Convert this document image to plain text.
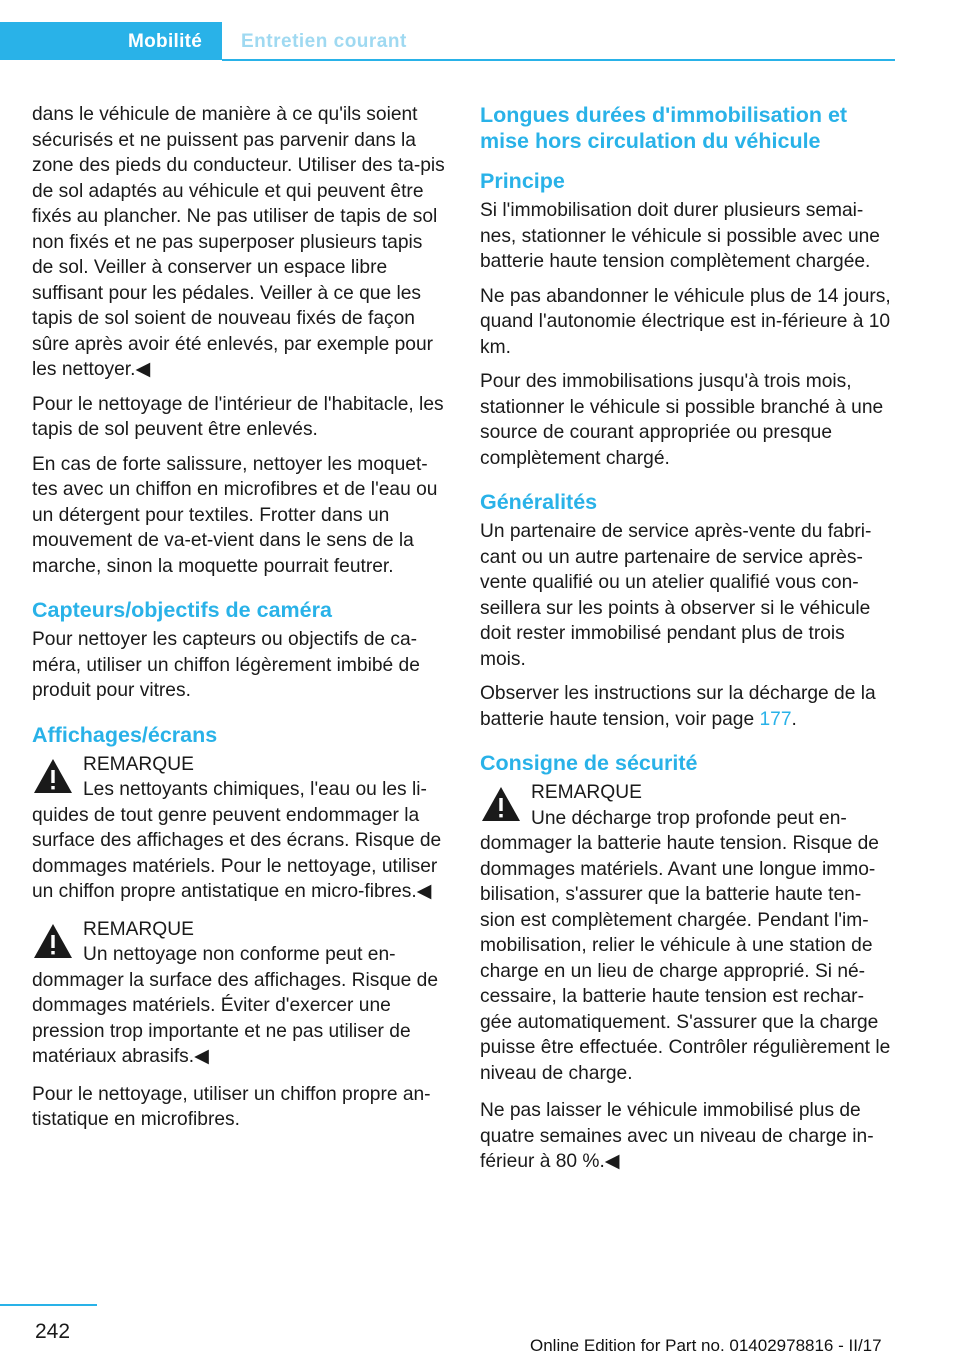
Mobilité Entretien courant

dans le véhicule de manière à ce qu'ils soient sécurisés et ne puissent pas parvenir dans la zone des pieds du conducteur. Utiliser des ta-pis de sol adaptés au véhicule et qui peuvent être fixés au plancher. Ne pas utiliser de tapis de sol non fixés et ne pas superposer plusieurs tapis de sol. Veiller à conserver un espace libre suffisant pour les pédales. Veiller à ce que les tapis de sol soient de nouveau fixés de façon sûre après avoir été enlevés, par exemple pour les nettoyer.◀

Pour le nettoyage de l'intérieur de l'habitacle, les tapis de sol peuvent être enlevés.

En cas de forte salissure, nettoyer les moquet-tes avec un chiffon en microfibres et de l'eau ou un détergent pour textiles. Frotter dans un mouvement de va-et-vient dans le sens de la marche, sinon la moquette pourrait feutrer.

Capteurs/objectifs de caméra

Pour nettoyer les capteurs ou objectifs de ca-méra, utiliser un chiffon légèrement imbibé de produit pour vitres.

Affichages/écrans
REMARQUE
Les nettoyants chimiques, l'eau ou les li-
quides de tout genre peuvent endommager la surface des affichages et des écrans. Risque de dommages matériels. Pour le nettoyage, utiliser un chiffon propre antistatique en micro-fibres.◀
REMARQUE
Un nettoyage non conforme peut en-
dommager la surface des affichages. Risque de dommages matériels. Éviter d'exercer une pression trop importante et ne pas utiliser de matériaux abrasifs.◀

Pour le nettoyage, utiliser un chiffon propre an-tistatique en microfibres.

Longues durées d'immobilisation et mise hors circulation du véhicule
Principe

Si l'immobilisation doit durer plusieurs semai-nes, stationner le véhicule si possible avec une batterie haute tension complètement chargée.

Ne pas abandonner le véhicule plus de 14 jours, quand l'autonomie électrique est in-férieure à 10 km.

Pour des immobilisations jusqu'à trois mois, stationner le véhicule si possible branché à une source de courant appropriée ou presque complètement chargé.

Généralités

Un partenaire de service après-vente du fabri-cant ou un autre partenaire de service après-vente qualifié ou un atelier qualifié vous con-seillera sur les points à observer si le véhicule doit rester immobilisé pendant plus de trois mois.

Observer les instructions sur la décharge de la batterie haute tension, voir page 177.

Consigne de sécurité
REMARQUE
Une décharge trop profonde peut en-
dommager la batterie haute tension. Risque de dommages matériels. Avant une longue immo-bilisation, s'assurer que la batterie haute ten-sion est complètement chargée. Pendant l'im-mobilisation, relier le véhicule à une station de charge en un lieu de charge approprié. Si né-cessaire, la batterie haute tension est rechar-gée automatiquement. S'assurer que la charge puisse être effectuée. Contrôler régulièrement le niveau de charge.

Ne pas laisser le véhicule immobilisé plus de quatre semaines avec un niveau de charge in-férieur à 80 %.◀

242
Online Edition for Part no. 01402978816 - II/17
